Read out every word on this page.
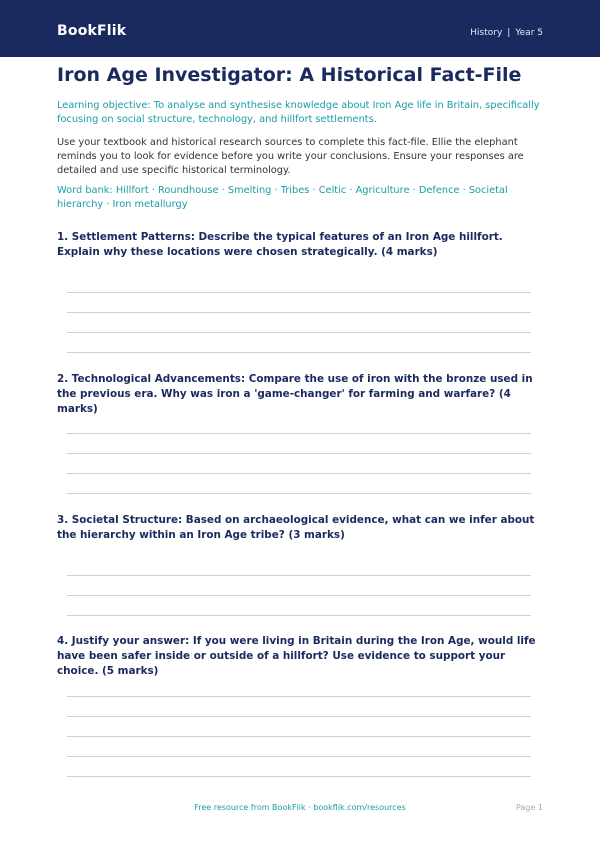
BookFlik	History | Year 5
Iron Age Investigator: A Historical Fact-File

Learning objective: To analyse and synthesise knowledge about Iron Age life in Britain, specifically focusing on social structure, technology, and hillfort settlements.

Use your textbook and historical research sources to complete this fact-file. Ellie the elephant reminds you to look for evidence before you write your conclusions. Ensure your responses are detailed and use specific historical terminology.

Word bank: Hillfort · Roundhouse · Smelting · Tribes · Celtic · Agriculture · Defence · Societal hierarchy · Iron metallurgy

1. Settlement Patterns: Describe the typical features of an Iron Age hillfort. Explain why these locations were chosen strategically. (4 marks)
2. Technological Advancements: Compare the use of iron with the bronze used in the previous era. Why was iron a 'game-changer' for farming and warfare? (4 marks)
3. Societal Structure: Based on archaeological evidence, what can we infer about the hierarchy within an Iron Age tribe? (3 marks)
4. Justify your answer: If you were living in Britain during the Iron Age, would life have been safer inside or outside of a hillfort? Use evidence to support your choice. (5 marks)
Free resource from BookFlik · bookflik.com/resources	Page 1
